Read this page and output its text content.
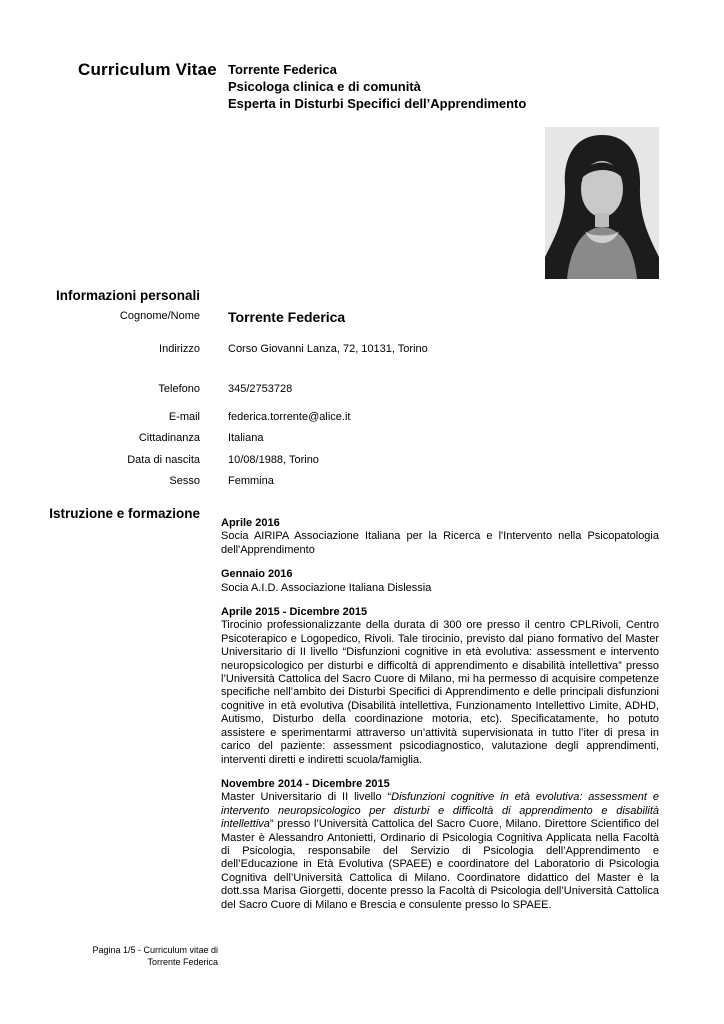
Curriculum Vitae Torrente Federica
Psicologa clinica e di comunità
Esperta in Disturbi Specifici dell’Apprendimento
Informazioni personali
Cognome/Nome Torrente Federica
Indirizzo	Corso Giovanni Lanza, 72, 10131, Torino
Telefono	345/2753728
E-mail	federica.torrente@alice.it
Cittadinanza	Italiana
Data di nascita	10/08/1988, Torino
Sesso	Femmina
Istruzione e formazione
Aprile 2016
Socia AIRIPA Associazione Italiana per la Ricerca e l'Intervento nella Psicopatologia dell'Apprendimento
Gennaio 2016
Socia A.I.D. Associazione Italiana Dislessia
Aprile 2015 - Dicembre 2015
Tirocinio professionalizzante della durata di 300 ore presso il centro CPLRivoli, Centro Psicoterapico e Logopedico, Rivoli. Tale tirocinio, previsto dal piano formativo del Master Universitario di II livello “Disfunzioni cognitive in età evolutiva: assessment e intervento neuropsicologico per disturbi e difficoltà di apprendimento e disabilità intellettiva” presso l’Università Cattolica del Sacro Cuore di Milano, mi ha permesso di acquisire competenze specifiche nell’ambito dei Disturbi Specifici di Apprendimento e delle principali disfunzioni cognitive in età evolutiva (Disabilità intellettiva, Funzionamento Intellettivo Limite, ADHD, Autismo, Disturbo della coordinazione motoria, etc). Specificatamente, ho potuto assistere e sperimentarmi attraverso un’attività supervisionata in tutto l’iter di presa in carico del paziente: assessment psicodiagnostico, valutazione degli apprendimenti, interventi diretti e indiretti scuola/famiglia.
Novembre 2014 - Dicembre 2015
Master Universitario di II livello “Disfunzioni cognitive in età evolutiva: assessment e intervento neuropsicologico per disturbi e difficoltà di apprendimento e disabilità intellettiva” presso l’Università Cattolica del Sacro Cuore, Milano. Direttore Scientifico del Master è Alessandro Antonietti, Ordinario di Psicologia Cognitiva Applicata nella Facoltà di Psicologia, responsabile del Servizio di Psicologia dell’Apprendimento e dell’Educazione in Età Evolutiva (SPAEE) e coordinatore del Laboratorio di Psicologia Cognitiva dell’Università Cattolica di Milano. Coordinatore didattico del Master è la dott.ssa Marisa Giorgetti, docente presso la Facoltà di Psicologia dell’Università Cattolica del Sacro Cuore di Milano e Brescia e consulente presso lo SPAEE.
Pagina 1/5 - Curriculum vitae di
Torrente Federica
